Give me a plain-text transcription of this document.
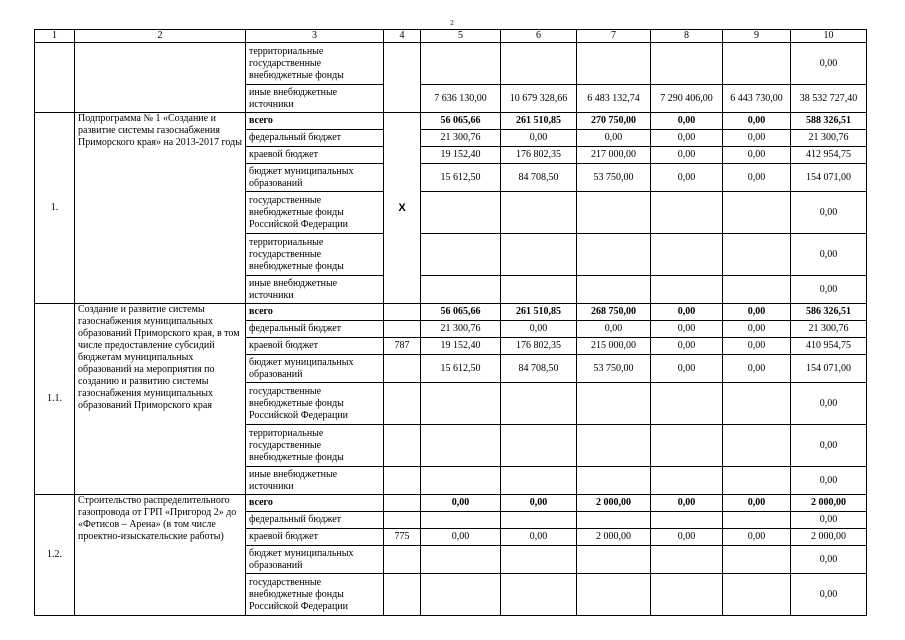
2
1	2	3	4	5	6	7	8	9	10
		территориальные государственные внебюджетные фонды							0,00
		иные внебюджетные источники		7 636 130,00	10 679 328,66	6 483 132,74	7 290 406,00	6 443 730,00	38 532 727,40
1.	Подпрограмма № 1 «Создание и развитие системы газоснабжения Приморского края» на 2013-2017 годы	всего	X	56 065,66	261 510,85	270 750,00	0,00	0,00	588 326,51
		федеральный бюджет		21 300,76	0,00	0,00	0,00	0,00	21 300,76
		краевой бюджет		19 152,40	176 802,35	217 000,00	0,00	0,00	412 954,75
		бюджет муниципальных образований		15 612,50	84 708,50	53 750,00	0,00	0,00	154 071,00
		государственные внебюджетные фонды Российской Федерации							0,00
		территориальные государственные внебюджетные фонды							0,00
		иные внебюджетные источники							0,00
1.1.	Создание и развитие системы газоснабжения муниципальных образований Приморского края, в том числе предоставление субсидий бюджетам муниципальных образований на мероприятия по созданию и развитию системы газоснабжения муниципальных образований Приморского края	всего		56 065,66	261 510,85	268 750,00	0,00	0,00	586 326,51
		федеральный бюджет		21 300,76	0,00	0,00	0,00	0,00	21 300,76
		краевой бюджет	787	19 152,40	176 802,35	215 000,00	0,00	0,00	410 954,75
		бюджет муниципальных образований		15 612,50	84 708,50	53 750,00	0,00	0,00	154 071,00
		государственные внебюджетные фонды Российской Федерации							0,00
		территориальные государственные внебюджетные фонды							0,00
		иные внебюджетные источники							0,00
1.2.	Строительство распределительного газопровода от ГРП «Пригород 2» до «Фетисов – Арена» (в том числе проектно-изыскательские работы)	всего		0,00	0,00	2 000,00	0,00	0,00	2 000,00
		федеральный бюджет							0,00
		краевой бюджет	775	0,00	0,00	2 000,00	0,00	0,00	2 000,00
		бюджет муниципальных образований							0,00
		государственные внебюджетные фонды Российской Федерации							0,00
